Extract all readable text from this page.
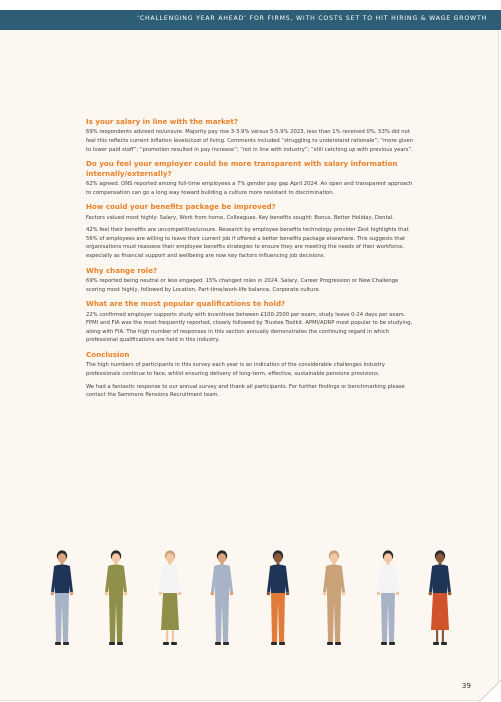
‘CHALLENGING YEAR AHEAD’ FOR FIRMS, WITH COSTS SET TO HIT HIRING & WAGE GROWTH
Is your salary in line with the market?
69% respondents advised no/unsure. Majority pay rise 3-3.9% versus 5-5.9% 2023, less than 1% received 0%. 53% did not feel this reflects current inflation levels/cost of living. Comments included “struggling to understand rationale”; “more given to lower paid staff”; “promotion resulted in pay increase”; “not in line with industry”; “still catching up with previous years”.
Do you feel your employer could be more transparent with salary information internally/externally?
62% agreed. ONS reported among full-time employees a 7% gender pay gap April 2024. An open and transparent approach to compensation can go a long way toward building a culture more resistant to discrimination.
How could your benefits package be improved?
Factors valued most highly: Salary, Work from home, Colleagues. Key benefits sought: Bonus, Better Holiday, Dental.
42% feel their benefits are uncompetitive/unsure. Research by employee benefits technology provider Zest highlights that 56% of employees are willing to leave their current job if offered a better benefits package elsewhere. This suggests that organisations must reassess their employee benefits strategies to ensure they are meeting the needs of their workforce, especially as financial support and wellbeing are now key factors influencing job decisions.
Why change role?
69% reported being neutral or less engaged. 15% changed roles in 2024. Salary, Career Progression or New Challenge scoring most highly, followed by Location, Part-time/work-life balance, Corporate culture.
What are the most popular qualifications to hold?
22% confirmed employer supports study with incentives between £100-2500 per exam, study leave 0-24 days per exam. FPMI and FIA was the most frequently reported, closely followed by Trustee Toolkit. APMI/ADRP most popular to be studying, along with FIA. The high number of responses in this section annually demonstrates the continuing regard in which professional qualifications are held in this industry.
Conclusion
The high numbers of participants in this survey each year is an indication of the considerable challenges industry professionals continue to face, whilst ensuring delivery of long-term, effective, sustainable pensions provisions.
We had a fantastic response to our annual survey and thank all participants. For further findings or benchmarking please contact the Sammons Pensions Recruitment team.
39
